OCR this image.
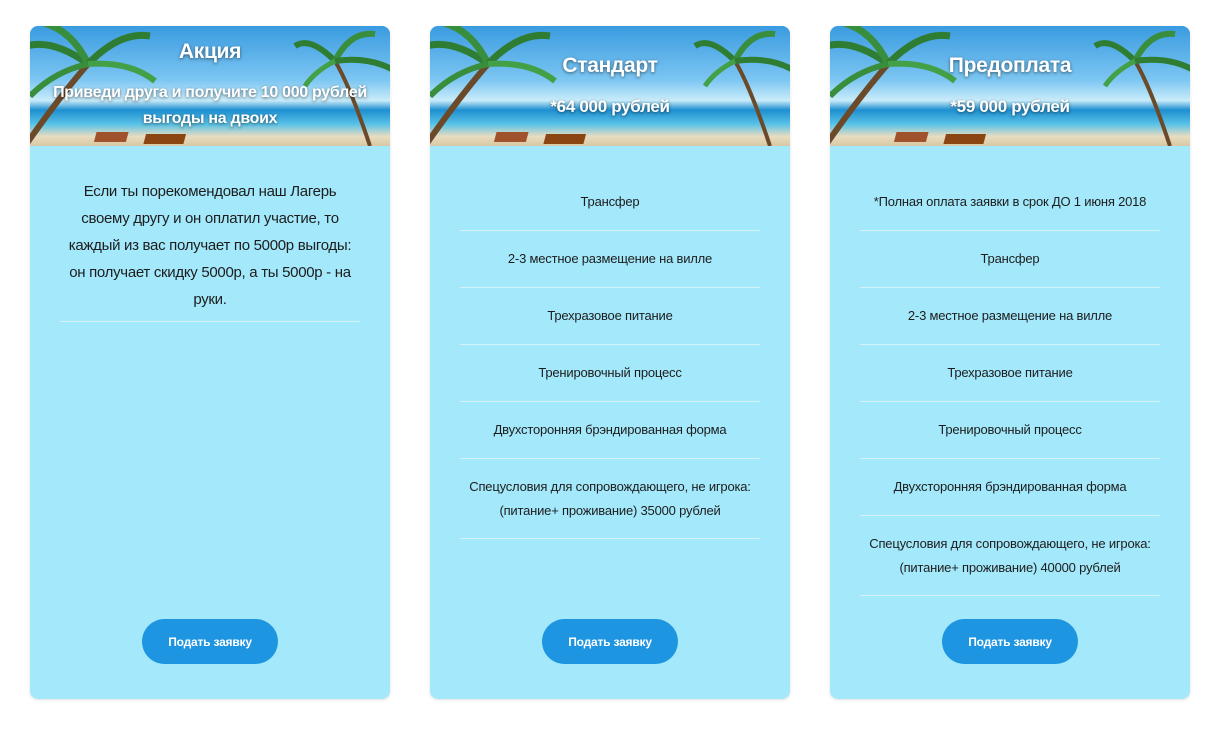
Акция
Приведи друга и получите 10 000 рублей выгоды на двоих
Если ты порекомендовал наш Лагерь своему другу и он оплатил участие, то каждый из вас получает по 5000р выгоды: он получает скидку 5000р, а ты 5000р - на руки.
Подать заявку
Стандарт
*64 000 рублей
Трансфер
2-3 местное размещение на вилле
Трехразовое питание
Тренировочный процесс
Двухсторонняя брэндированная форма
Спецусловия для сопровождающего, не игрока: (питание+ проживание) 35000 рублей
Подать заявку
Предоплата
*59 000 рублей
*Полная оплата заявки в срок ДО 1 июня 2018
Трансфер
2-3 местное размещение на вилле
Трехразовое питание
Тренировочный процесс
Двухсторонняя брэндированная форма
Спецусловия для сопровождающего, не игрока: (питание+ проживание) 40000 рублей
Подать заявку
